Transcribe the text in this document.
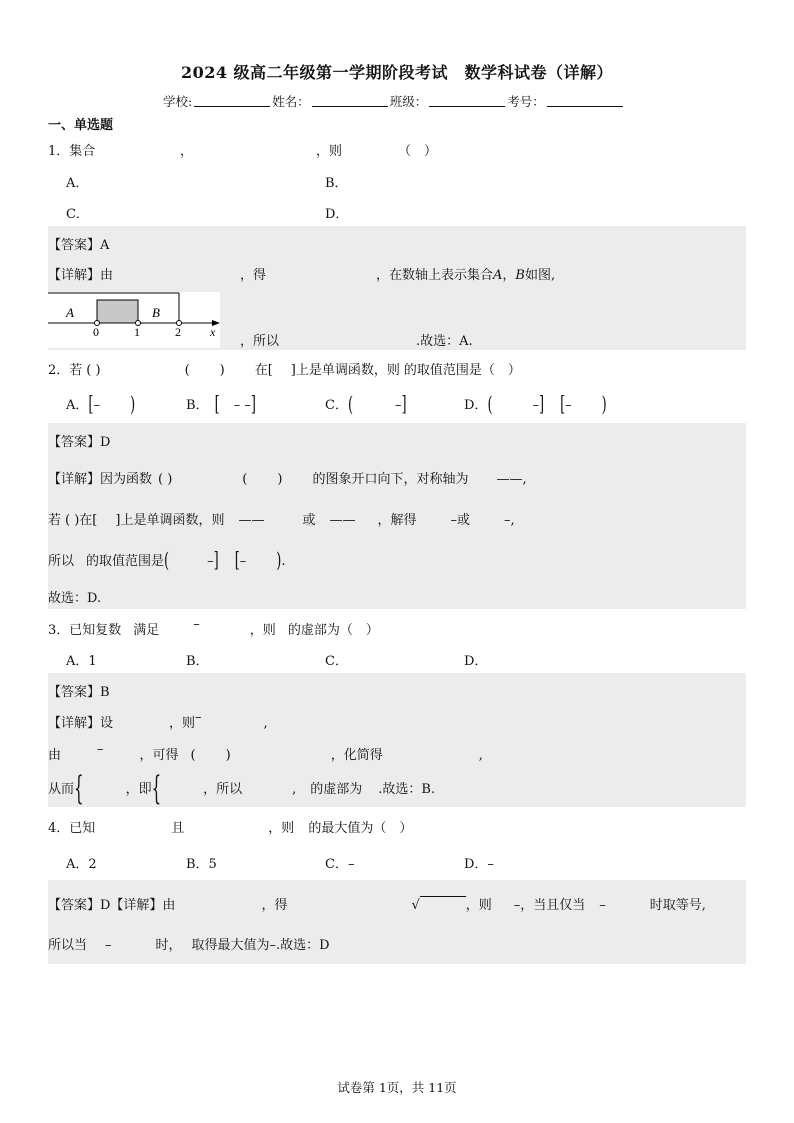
2024 级高二年级第一学期阶段考试　数学科试卷（详解）
学校:	姓名：	班级：	考号：
一、单选题
1．集合	，	，则	（　）
A．	B．
C．	D．
【答案】A
【详解】由	，得	，在数轴上表示集合A，B如图,
A	B
0	1	2 x
，所以	.故选：A.
2．若 ( )	( ) 在[ ]上是单调函数，则 的取值范围是（　）
A．[– )	B． [ – –]	C．(	–]	D．(	–] [– )
【答案】D
【详解】因为函数 ( )	( ) 的图象开口向下，对称轴为 ——,
若 ( )在[ ]上是单调函数，则 ——	或 —— ，解得	–或	–,
所以 的取值范围是(	–] [– ).
故选：D.
3．已知复数 满足	–	，则 的虚部为（　）
A．1	B．	C．	D．
【答案】B
【详解】设	，则–	,
由	–	，可得 ( )	，化简得	,
从而{	，即{	，所以	, 的虚部为 .故选：B.
4．已知	且	，则 的最大值为（　）
A．2	B．5	C．–	D．–
【答案】D【详解】由	，得	√	，则 –，当且仅当 –	时取等号,
所以当 –	时， 取得最大值为–.故选：D
试卷第 1页，共 11页
